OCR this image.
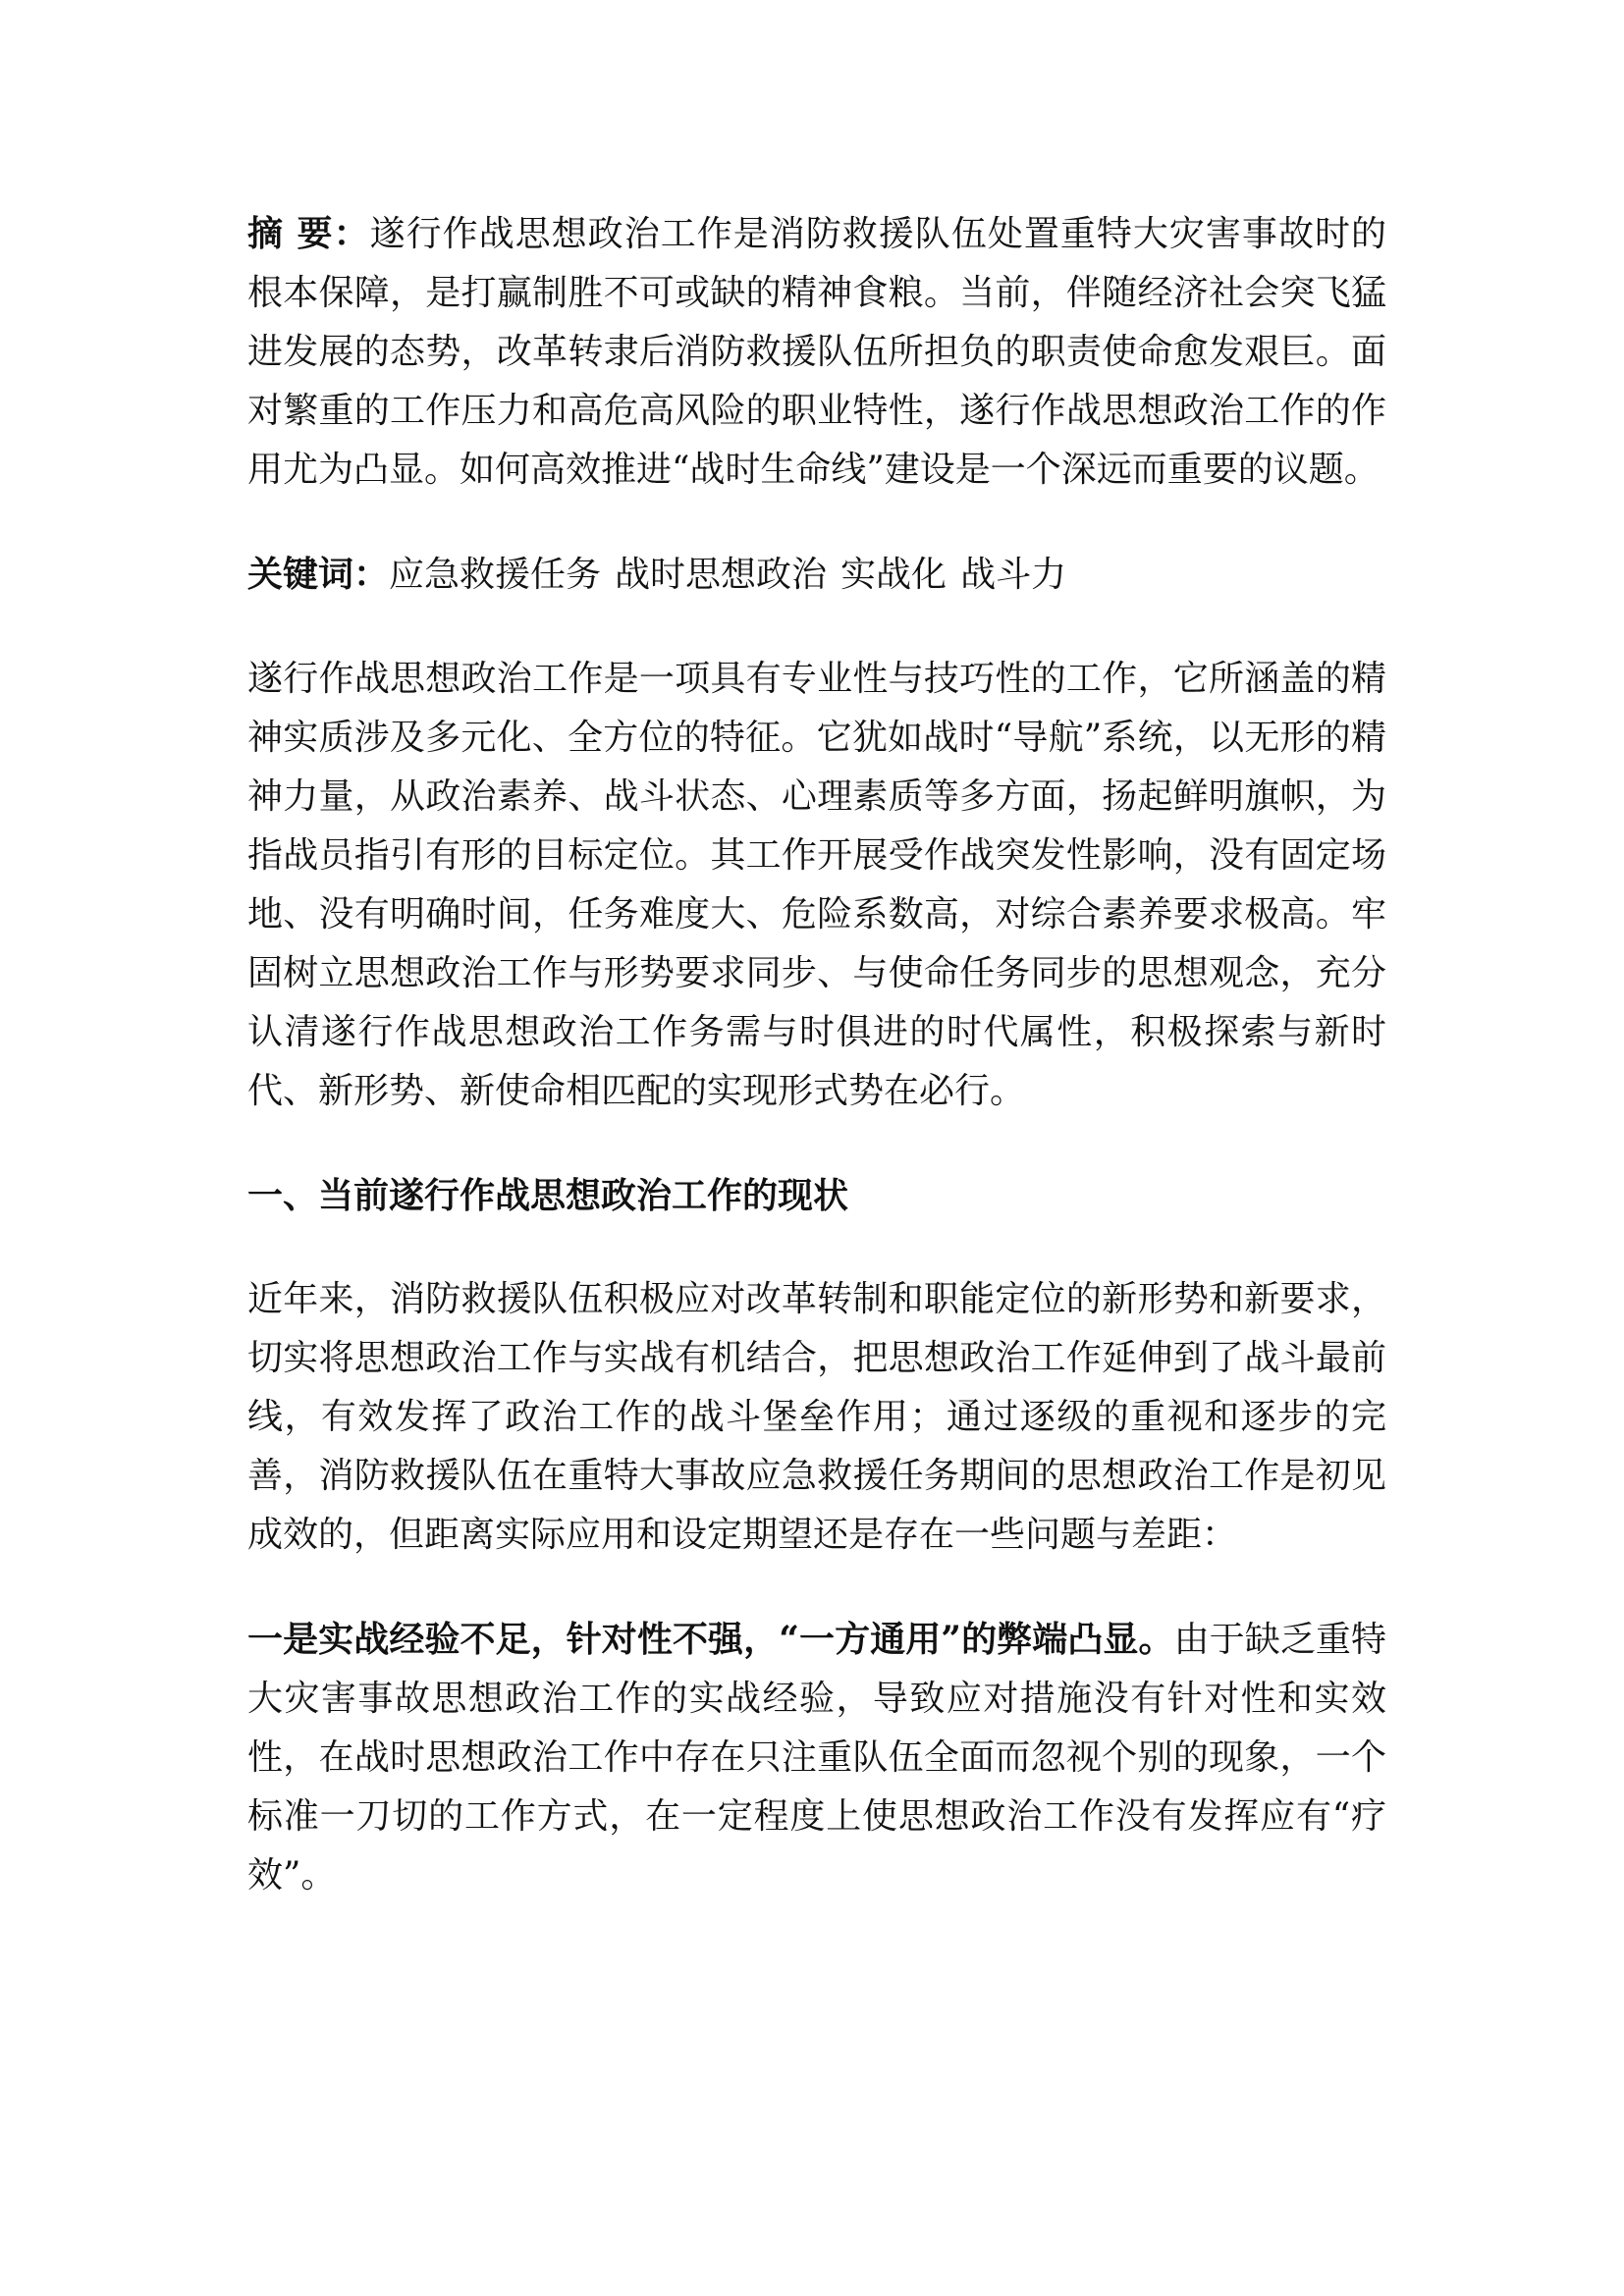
摘 要：遂行作战思想政治工作是消防救援队伍处置重特大灾害事故时的根本保障，是打赢制胜不可或缺的精神食粮。当前，伴随经济社会突飞猛进发展的态势，改革转隶后消防救援队伍所担负的职责使命愈发艰巨。面对繁重的工作压力和高危高风险的职业特性，遂行作战思想政治工作的作用尤为凸显。如何高效推进“战时生命线”建设是一个深远而重要的议题。

关键词：应急救援任务 战时思想政治 实战化 战斗力

遂行作战思想政治工作是一项具有专业性与技巧性的工作，它所涵盖的精神实质涉及多元化、全方位的特征。它犹如战时“导航”系统，以无形的精神力量，从政治素养、战斗状态、心理素质等多方面，扬起鲜明旗帜，为指战员指引有形的目标定位。其工作开展受作战突发性影响，没有固定场地、没有明确时间，任务难度大、危险系数高，对综合素养要求极高。牢固树立思想政治工作与形势要求同步、与使命任务同步的思想观念，充分认清遂行作战思想政治工作务需与时俱进的时代属性，积极探索与新时代、新形势、新使命相匹配的实现形式势在必行。

一、当前遂行作战思想政治工作的现状

近年来，消防救援队伍积极应对改革转制和职能定位的新形势和新要求，切实将思想政治工作与实战有机结合，把思想政治工作延伸到了战斗最前线，有效发挥了政治工作的战斗堡垒作用；通过逐级的重视和逐步的完善，消防救援队伍在重特大事故应急救援任务期间的思想政治工作是初见成效的，但距离实际应用和设定期望还是存在一些问题与差距：

一是实战经验不足，针对性不强，“一方通用”的弊端凸显。由于缺乏重特大灾害事故思想政治工作的实战经验，导致应对措施没有针对性和实效性，在战时思想政治工作中存在只注重队伍全面而忽视个别的现象，一个标准一刀切的工作方式，在一定程度上使思想政治工作没有发挥应有“疗效”。
